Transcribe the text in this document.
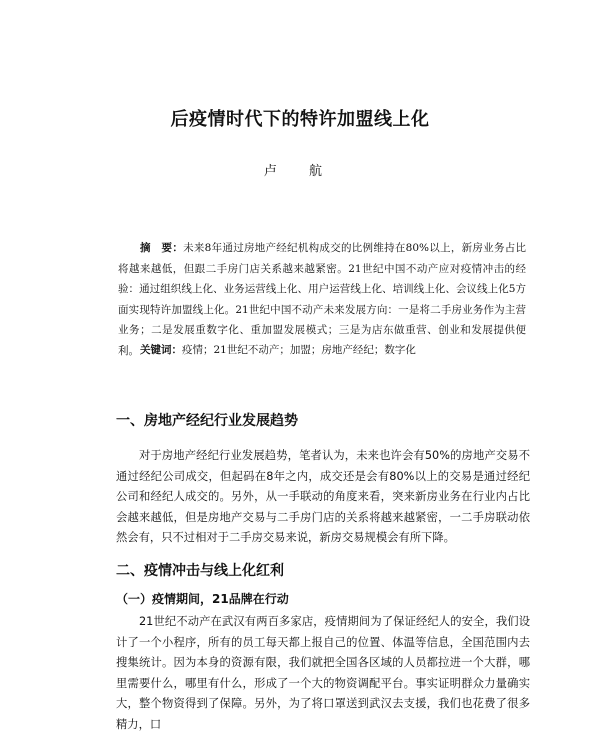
后疫情时代下的特许加盟线上化
卢 航
摘　要：未来8年通过房地产经纪机构成交的比例维持在80%以上，新房业务占比将越来越低，但跟二手房门店关系越来越紧密。21世纪中国不动产应对疫情冲击的经验：通过组织线上化、业务运营线上化、用户运营线上化、培训线上化、会议线上化5方面实现特许加盟线上化。21世纪中国不动产未来发展方向：一是将二手房业务作为主营业务；二是发展重数字化、重加盟发展模式；三是为店东做重营、创业和发展提供便利。 关键词：疫情；21世纪不动产；加盟；房地产经纪；数字化
一、房地产经纪行业发展趋势
对于房地产经纪行业发展趋势，笔者认为，未来也许会有50%的房地产交易不通过经纪公司成交，但起码在8年之内，成交还是会有80%以上的交易是通过经纪公司和经纪人成交的。另外，从一手联动的角度来看，突来新房业务在行业内占比会越来越低，但是房地产交易与二手房门店的关系将越来越紧密，一二手房联动依然会有，只不过相对于二手房交易来说，新房交易规模会有所下降。
二、疫情冲击与线上化红利
（一）疫情期间，21品牌在行动
21世纪不动产在武汉有两百多家店，疫情期间为了保证经纪人的安全，我们设计了一个小程序，所有的员工每天都上报自己的位置、体温等信息，全国范围内去搜集统计。因为本身的资源有限，我们就把全国各区域的人员都拉进一个大群，哪里需要什么，哪里有什么，形成了一个大的物资调配平台。事实证明群众力量确实大，整个物资得到了保障。另外，为了将口罩送到武汉去支援，我们也花费了很多精力，口
